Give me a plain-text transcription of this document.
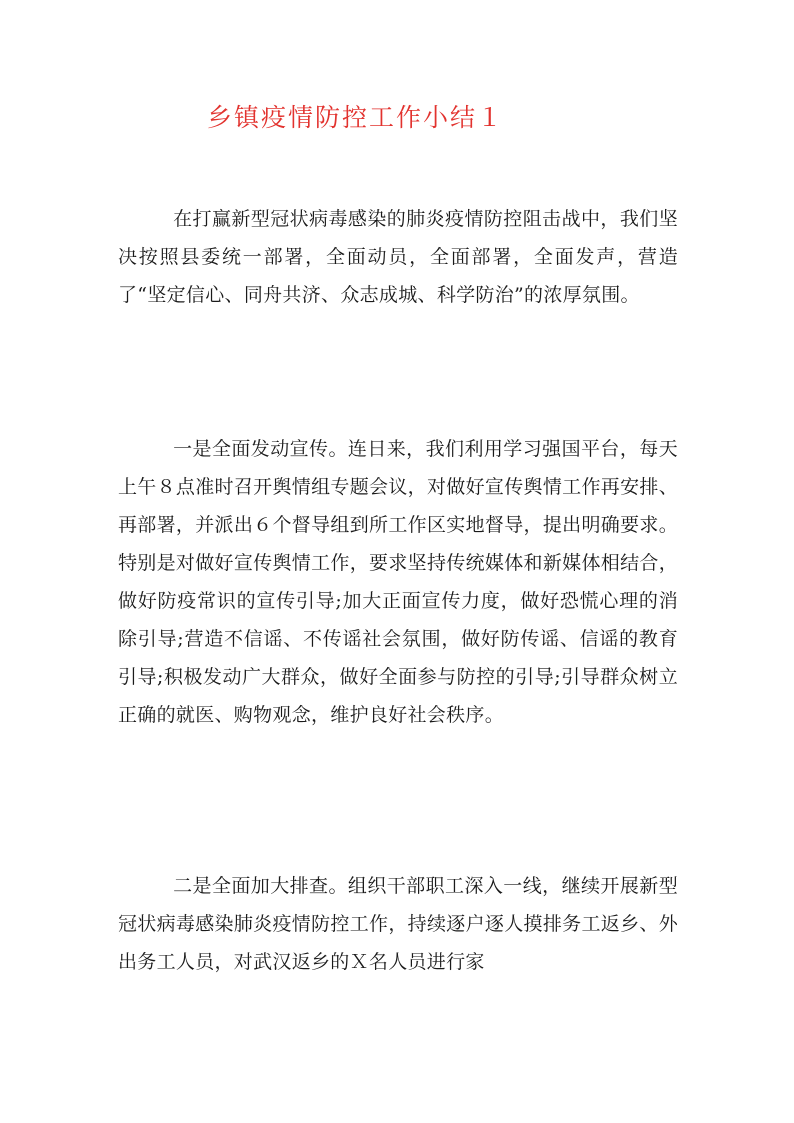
乡镇疫情防控工作小结１

在打赢新型冠状病毒感染的肺炎疫情防控阻击战中，我们坚决按照县委统一部署，全面动员，全面部署，全面发声，营造了“坚定信心、同舟共济、众志成城、科学防治”的浓厚氛围。

一是全面发动宣传。连日来，我们利用学习强国平台，每天上午８点准时召开舆情组专题会议，对做好宣传舆情工作再安排、再部署，并派出６个督导组到所工作区实地督导，提出明确要求。特别是对做好宣传舆情工作，要求坚持传统媒体和新媒体相结合，做好防疫常识的宣传引导;加大正面宣传力度，做好恐慌心理的消除引导;营造不信谣、不传谣社会氛围，做好防传谣、信谣的教育引导;积极发动广大群众，做好全面参与防控的引导;引导群众树立正确的就医、购物观念，维护良好社会秩序。

二是全面加大排查。组织干部职工深入一线，继续开展新型冠状病毒感染肺炎疫情防控工作，持续逐户逐人摸排务工返乡、外出务工人员，对武汉返乡的Ｘ名人员进行家
